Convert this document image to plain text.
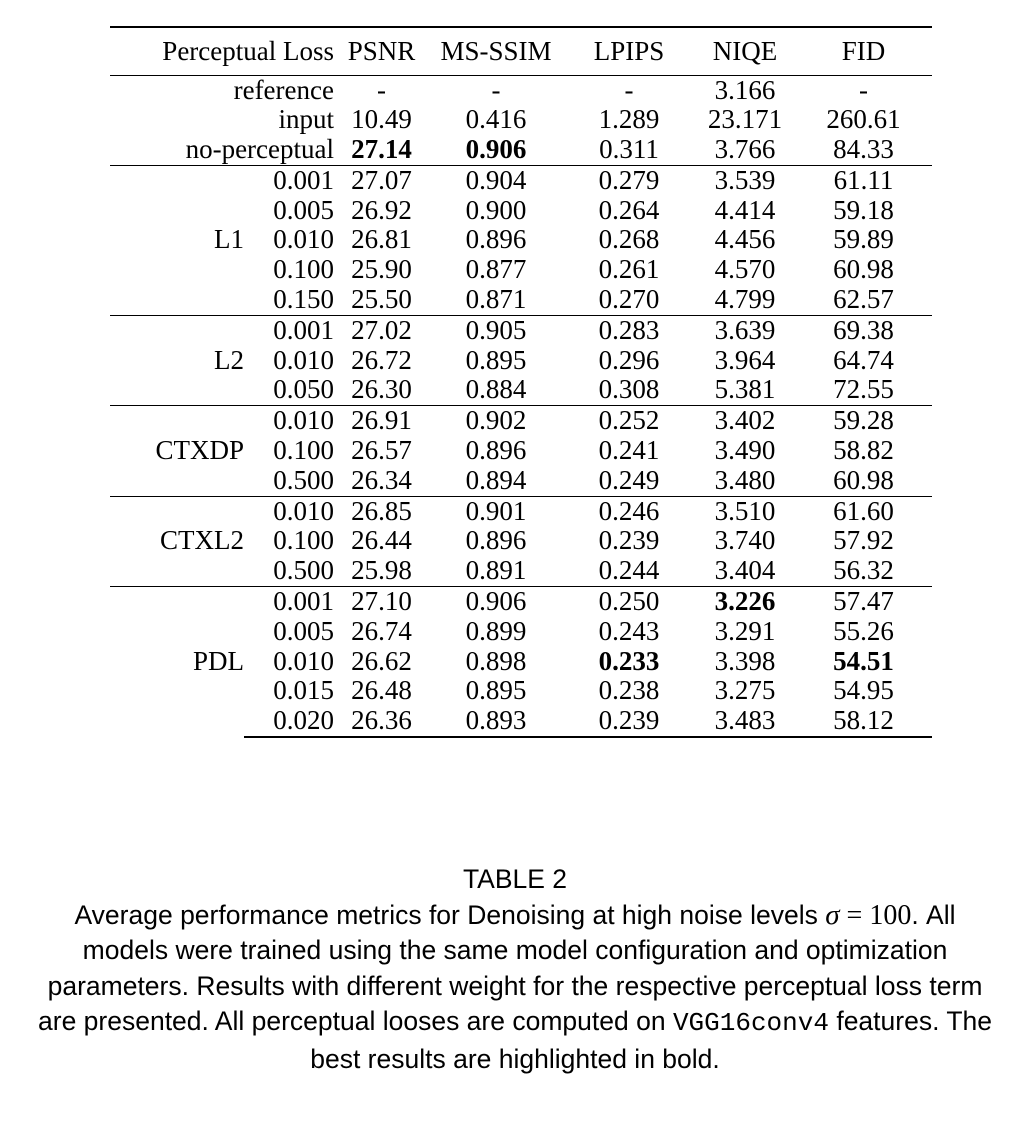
Perceptual Loss		PSNR	MS-SSIM	LPIPS	NIQE	FID
reference		-	-	-	3.166	-
input		10.49	0.416	1.289	23.171	260.61
no-perceptual		27.14	0.906	0.311	3.766	84.33
L1	0.001	27.07	0.904	0.279	3.539	61.11
	0.005	26.92	0.900	0.264	4.414	59.18
	0.010	26.81	0.896	0.268	4.456	59.89
	0.100	25.90	0.877	0.261	4.570	60.98
	0.150	25.50	0.871	0.270	4.799	62.57
L2	0.001	27.02	0.905	0.283	3.639	69.38
	0.010	26.72	0.895	0.296	3.964	64.74
	0.050	26.30	0.884	0.308	5.381	72.55
CTXDP	0.010	26.91	0.902	0.252	3.402	59.28
	0.100	26.57	0.896	0.241	3.490	58.82
	0.500	26.34	0.894	0.249	3.480	60.98
CTXL2	0.010	26.85	0.901	0.246	3.510	61.60
	0.100	26.44	0.896	0.239	3.740	57.92
	0.500	25.98	0.891	0.244	3.404	56.32
PDL	0.001	27.10	0.906	0.250	3.226	57.47
	0.005	26.74	0.899	0.243	3.291	55.26
	0.010	26.62	0.898	0.233	3.398	54.51
	0.015	26.48	0.895	0.238	3.275	54.95
	0.020	26.36	0.893	0.239	3.483	58.12
TABLE 2
Average performance metrics for Denoising at high noise levels σ = 100. All models were trained using the same model configuration and optimization parameters. Results with different weight for the respective perceptual loss term are presented. All perceptual looses are computed on VGG16conv4 features. The best results are highlighted in bold.
